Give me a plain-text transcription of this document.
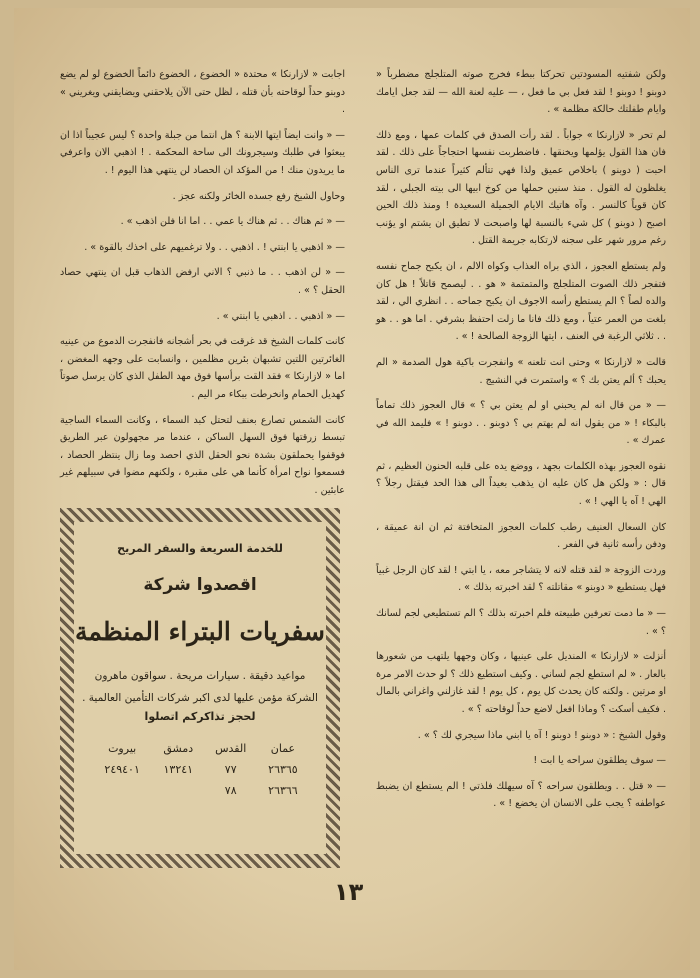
ولكن شفتيه المسودتين تحركتا ببطء فخرج صوته المتلجلج مضطرباً « دوبنو ! دوبنو ! لقد فعل بي ما فعل ، — عليه لعنة الله — لقد جعل ايامك وايام طفلتك حالكة مظلمة » .

لم تحر « لازارنكا » جواباً . لقد رأت الصدق في كلمات عمها ، ومع ذلك فان هذا القول يؤلمها ويخنقها . فاضطربت نفسها احتجاجاً على ذلك . لقد احبت ( دوبنو ) باخلاص عميق ولذا فهي تتألم كثيراً عندما ترى الناس يغلظون له القول . منذ سنين حملها من كوخ ابيها الى بيته الجبلي ، لقد كان قوياً كالنسر . وآه هاتيك الايام الجميلة السعيدة ! ومنذ ذلك الحين اصبح ( دوبنو ) كل شيء بالنسبة لها واصبحت لا تطيق ان يشتم او يؤنب رغم مرور شهر على سجنه لارتكابه جريمة القتل .

ولم يستطع العجوز ، الذي براه العذاب وكواه الالم ، ان يكبح جماح نفسه فتفجر ذلك الصوت المتلجلج والمتمتمة « هو . . ليصمح قاتلاً ! هل كان والده لصاً ؟ الم يستطع رأسه الاجوف ان يكبح جماحه . . انظري الي ، لقد بلغت من العمر عتياً ، ومع ذلك فانا ما زلت احتفظ بشرفي . اما هو . . هو . . ثلاثي الرغبة في العنف ، ايتها الزوجة الصالحة ! » .

قالت « لازارنكا » وحتى انت تلعنه » وانفجرت باكية هول الصدمة « الم يحبك ؟ ألم يعتن بك ؟ » واستمرت في النشيج .

— « من قال انه لم يحبني او لم يعتن بي ؟ » قال العجوز ذلك تماماً بالبكاء ! « من يقول انه لم يهتم بي ؟ دوبنو . . دوبنو ! » فليمد الله في عمرك » .

نقوه العجوز بهذه الكلمات بجهد ، ووضع يده على قلبه الحنون العظيم ، ثم قال : « ولكن هل كان عليه ان يذهب بعيداً الى هذا الحد فيقتل رجلاً ؟ الهي ! آه يا الهي ! » .

كان السعال العنيف رطب كلمات العجوز المتخافتة ثم ان انة عميقة ، ودفن رأسه ثانية في الفعر .

وردت الزوجة « لقد قتله لانه لا يتشاجر معه ، يا ابتي ! لقد كان الرجل غبياً فهل يستطيع « دوبنو » مقاتلته ؟ لقد اخبرته بذلك » .

— « ما دمت تعرفين طبيعته فلم اخبرته بذلك ؟ الم تستطيعي لجم لسانك ؟ » .

أنزلت « لازارنكا » المنديل على عينيها ، وكان وجهها يلتهب من شعورها بالعار . « لم استطع لجم لساني . وكيف استطيع ذلك ؟ لو حدث الامر مرة او مرتين . ولكنه كان يحدث كل يوم ، كل يوم ! لقد غازلني واغراني بالمال . فكيف أسكت ؟ وماذا افعل لاضع حداً لوقاحته ؟ » .

وقول الشيخ : « دوبنو ! دوبنو ! آه يا ابني ماذا سيجري لك ؟ » .

— سوف يطلقون سراحه يا ابت !

— « قتل . . ويطلقون سراحه ؟ آه سيهلك فلذتي ! الم يستطع ان يضبط عواطفه ؟ يجب على الانسان ان يخضع ! » .

اجابت « لازارنكا » محتدة « الخضوع ، الخضوع دائماً الخضوع لو لم يضع دوبنو حداً لوقاحته بأن قتله ، لظل حتى الآن يلاحقني ويضايقني ويغريني » .

— « وانت ايضاً ايتها الابنة ؟ هل انتما من جبلة واحدة ؟ ليس عجيباً اذا ان يبعثوا في طلبك وسيجرونك الى ساحة المحكمة . ! اذهبي الان واعرفي ما يريدون منك ! من المؤكد ان الحصاد لن ينتهي هذا اليوم ! .

وحاول الشيخ رفع جسده الخائر ولكنه عجز .

— « ثم هناك . . ثم هناك يا عمي . . اما انا فلن اذهب » .

— « اذهبي يا ابنتي ! . اذهبي . . ولا ترغميهم على اخذك بالقوة » .

— « لن اذهب . . ما ذنبي ؟ الاني ارفض الذهاب قبل ان ينتهي حصاد الحقل ؟ » .

— « اذهبي . . اذهبي يا ابنتي » .

كانت كلمات الشيخ قد غرقت في بحر أشجانه فانفجرت الدموع من عينيه الغائرتين اللتين تشبهان بئرين مظلمين ، وانسابت على وجهه المغضن ، اما « لازارنكا » فقد القت برأسها فوق مهد الطفل الذي كان يرسل صوتاً كهديل الحمام وانخرطت ببكاء مر اليم .

كانت الشمس تصارع بعنف لتحتل كبد السماء ، وكانت السماء الساجية تبسط زرقتها فوق السهل الساكن ، عندما مر مجهولون عبر الطريق فوقفوا يحملقون بشدة نحو الحقل الذي احصد وما زال ينتظر الحصاد ، فسمعوا نواح امرأة كأنما هي على مقبرة ، ولكنهم مضوا في سبيلهم غير عابئين .

للخدمة السريعة والسفر المريح
اقصدوا شركة
سفريات البتراء المنظمة
مواعيد دقيقة . سيارات مريحة . سواقون ماهرون
الشركة مؤمن عليها لدى اكبر شركات التأمين العالمية .
لحجز تذاكركم اتصلوا
عمان	القدس	دمشق	بيروت
٢٦٣٦٥	٧٧	١٣٢٤١	٢٤٩٤٠١
٢٦٣٦٦	٧٨		
١٣
